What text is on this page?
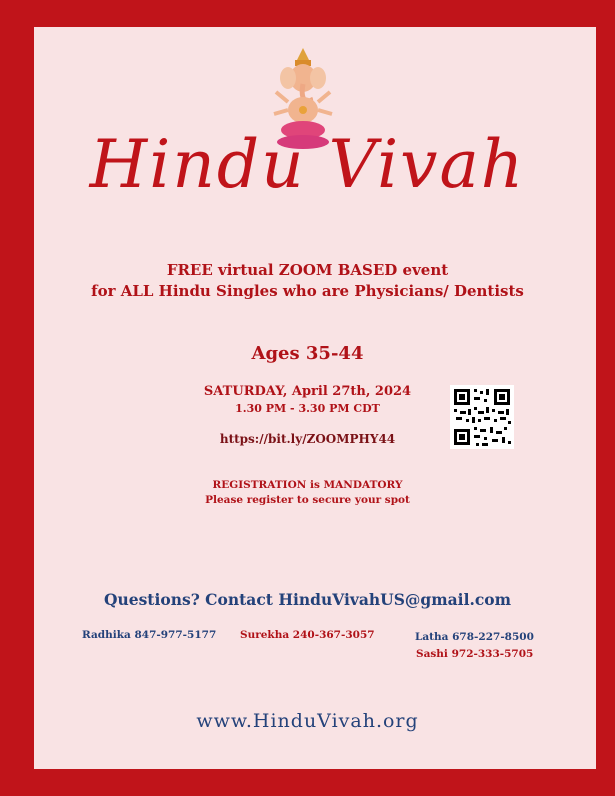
Hindu Vivah
FREE virtual ZOOM BASED event
for ALL Hindu Singles who are Physicians/ Dentists
Ages 35-44
SATURDAY, April 27th, 2024
1.30 PM - 3.30 PM CDT
https://bit.ly/ZOOMPHY44
REGISTRATION is MANDATORY
Please register to secure your spot
Questions? Contact HinduVivahUS@gmail.com
Radhika 847-977-5177 Surekha 240-367-3057	Latha 678-227-8500
Sashi 972-333-5705
www.HinduVivah.org
